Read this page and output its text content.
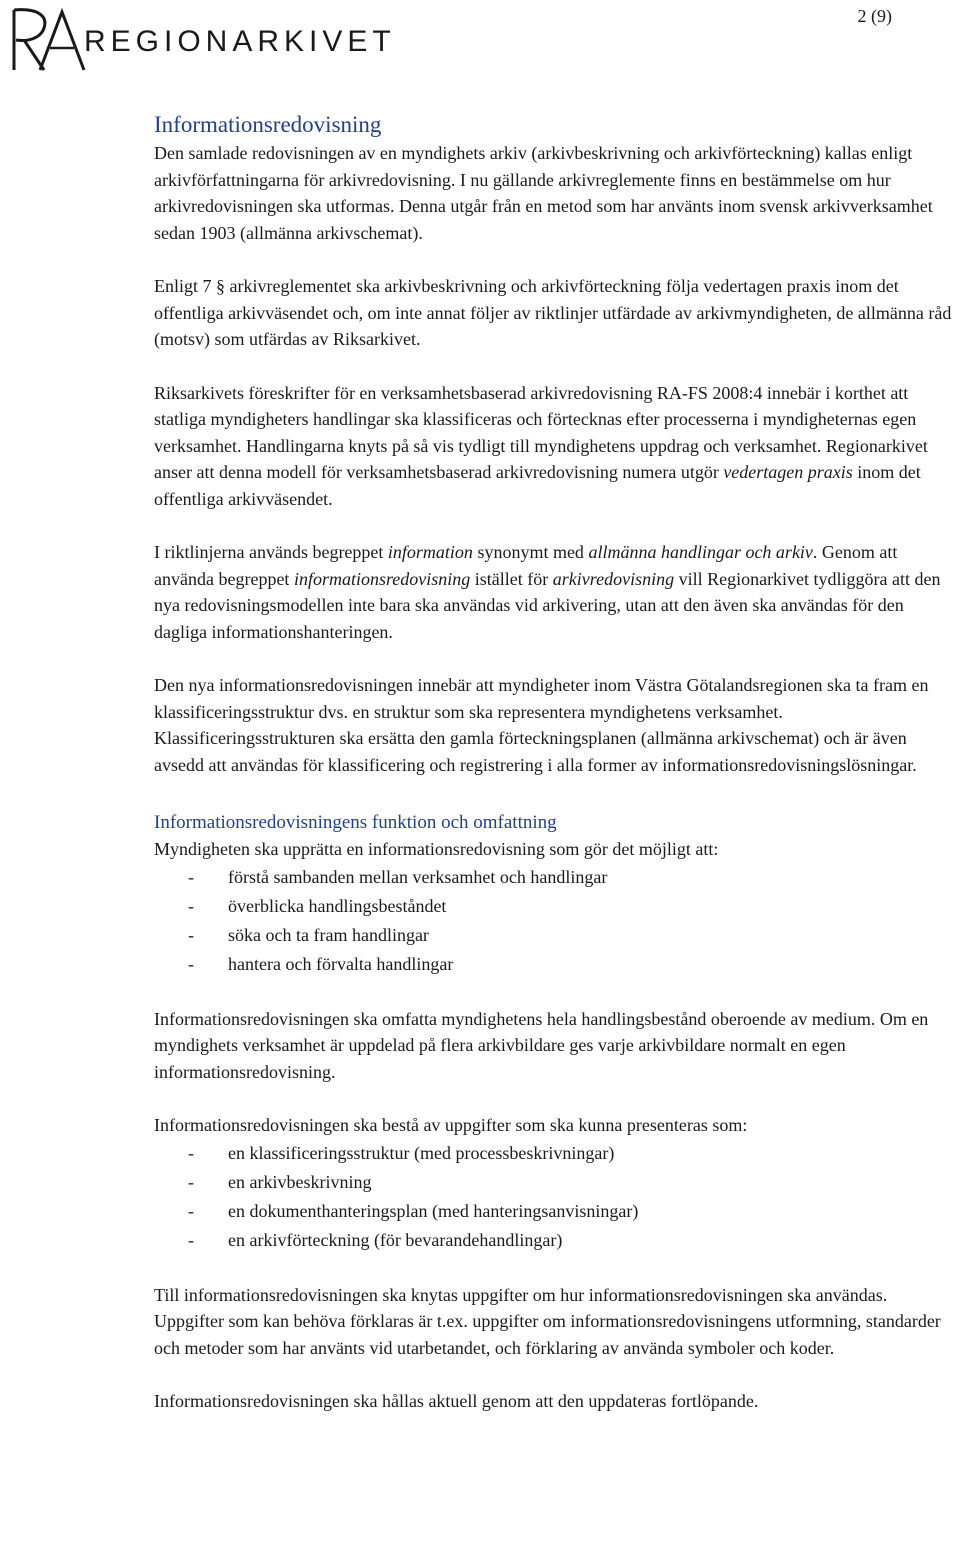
REGIONARKIVET
2 (9)
Informationsredovisning

Den samlade redovisningen av en myndighets arkiv (arkivbeskrivning och arkivförteckning) kallas enligt arkivförfattningarna för arkivredovisning. I nu gällande arkivreglemente finns en bestämmelse om hur arkivredovisningen ska utformas. Denna utgår från en metod som har använts inom svensk arkivverksamhet sedan 1903 (allmänna arkivschemat).

Enligt 7 § arkivreglementet ska arkivbeskrivning och arkivförteckning följa vedertagen praxis inom det offentliga arkivväsendet och, om inte annat följer av riktlinjer utfärdade av arkivmyndigheten, de allmänna råd (motsv) som utfärdas av Riksarkivet.

Riksarkivets föreskrifter för en verksamhetsbaserad arkivredovisning RA-FS 2008:4 innebär i korthet att statliga myndigheters handlingar ska klassificeras och förtecknas efter processerna i myndigheternas egen verksamhet. Handlingarna knyts på så vis tydligt till myndighetens uppdrag och verksamhet. Regionarkivet anser att denna modell för verksamhetsbaserad arkivredovisning numera utgör vedertagen praxis inom det offentliga arkivväsendet.

I riktlinjerna används begreppet information synonymt med allmänna handlingar och arkiv. Genom att använda begreppet informationsredovisning istället för arkivredovisning vill Regionarkivet tydliggöra att den nya redovisningsmodellen inte bara ska användas vid arkivering, utan att den även ska användas för den dagliga informationshanteringen.

Den nya informationsredovisningen innebär att myndigheter inom Västra Götalandsregionen ska ta fram en klassificeringsstruktur dvs. en struktur som ska representera myndighetens verksamhet. Klassificeringsstrukturen ska ersätta den gamla förteckningsplanen (allmänna arkivschemat) och är även avsedd att användas för klassificering och registrering i alla former av informationsredovisningslösningar.

Informationsredovisningens funktion och omfattning

Myndigheten ska upprätta en informationsredovisning som gör det möjligt att:

- förstå sambanden mellan verksamhet och handlingar
- överblicka handlingsbeståndet
- söka och ta fram handlingar
- hantera och förvalta handlingar

Informationsredovisningen ska omfatta myndighetens hela handlingsbestånd oberoende av medium. Om en myndighets verksamhet är uppdelad på flera arkivbildare ges varje arkivbildare normalt en egen informationsredovisning.

Informationsredovisningen ska bestå av uppgifter som ska kunna presenteras som:

- en klassificeringsstruktur (med processbeskrivningar)
- en arkivbeskrivning
- en dokumenthanteringsplan (med hanteringsanvisningar)
- en arkivförteckning (för bevarandehandlingar)

Till informationsredovisningen ska knytas uppgifter om hur informationsredovisningen ska användas. Uppgifter som kan behöva förklaras är t.ex. uppgifter om informationsredovisningens utformning, standarder och metoder som har använts vid utarbetandet, och förklaring av använda symboler och koder.

Informationsredovisningen ska hållas aktuell genom att den uppdateras fortlöpande.
